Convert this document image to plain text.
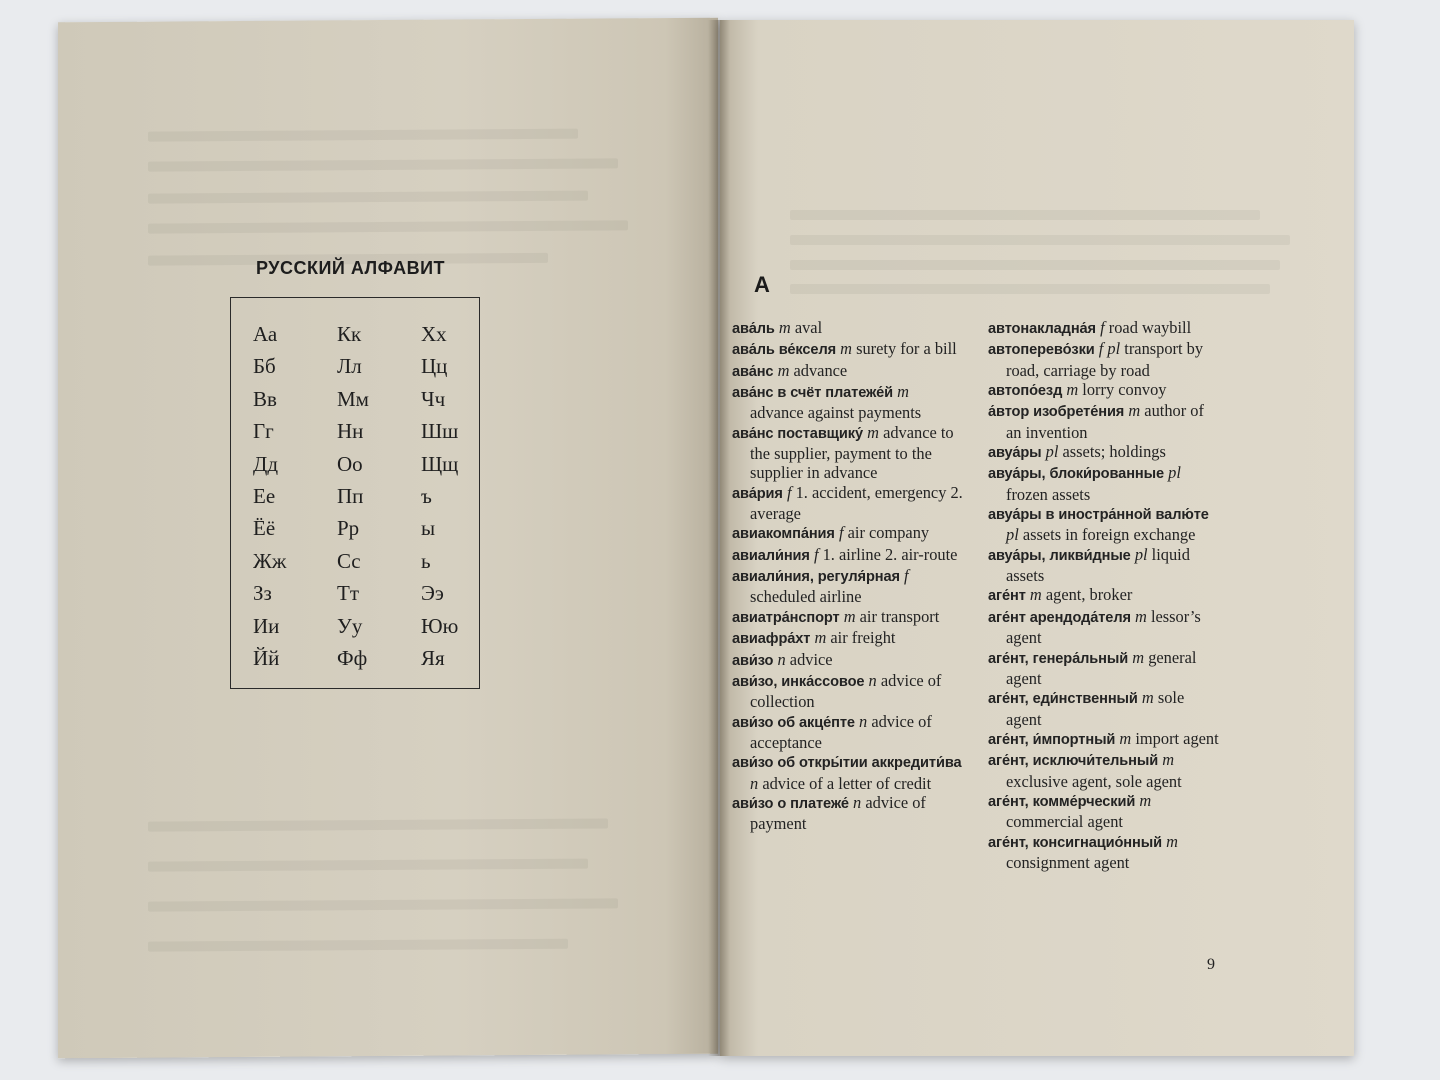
РУССКИЙ АЛФАВИТ
Аа	Кк	Хх
Бб	Лл	Цц
Вв	Мм	Чч
Гг	Нн	Шш
Дд	Оо	Щщ
Ее	Пп	ъ
Ёё	Рр	ы
Жж	Сс	ь
Зз	Тт	Ээ
Ии	Уу	Юю
Йй	Фф	Яя
А

ава́ль m aval

ава́ль ве́кселя m surety for a bill

ава́нс m advance

ава́нс в счёт платеже́й m advance against payments

ава́нс поставщику́ m advance to the supplier, payment to the supplier in advance

ава́рия f 1. accident, emergency 2. average

авиакомпа́ния f air company

авиали́ния f 1. airline 2. air-route

авиали́ния, регуля́рная f scheduled airline

авиатра́нспорт m air transport

авиафра́хт m air freight

ави́зо n advice

ави́зо, инка́ссовое n advice of collection

ави́зо об акце́пте n advice of acceptance

ави́зо об откры́тии аккредити́ва n advice of a letter of credit

ави́зо о платеже́ n advice of payment

автонакладна́я f road waybill

автоперево́зки f pl transport by road, carriage by road

автопо́езд m lorry convoy

а́втор изобрете́ния m author of an invention

авуа́ры pl assets; holdings

авуа́ры, блоки́рованные pl frozen assets

авуа́ры в иностра́нной валю́те pl assets in foreign exchange

авуа́ры, ликви́дные pl liquid assets

аге́нт m agent, broker

аге́нт арендода́теля m lessor’s agent

аге́нт, генера́льный m general agent

аге́нт, еди́нственный m sole agent

аге́нт, и́мпортный m import agent

аге́нт, исключи́тельный m exclusive agent, sole agent

аге́нт, комме́рческий m commercial agent

аге́нт, консигнацио́нный m consignment agent

9
